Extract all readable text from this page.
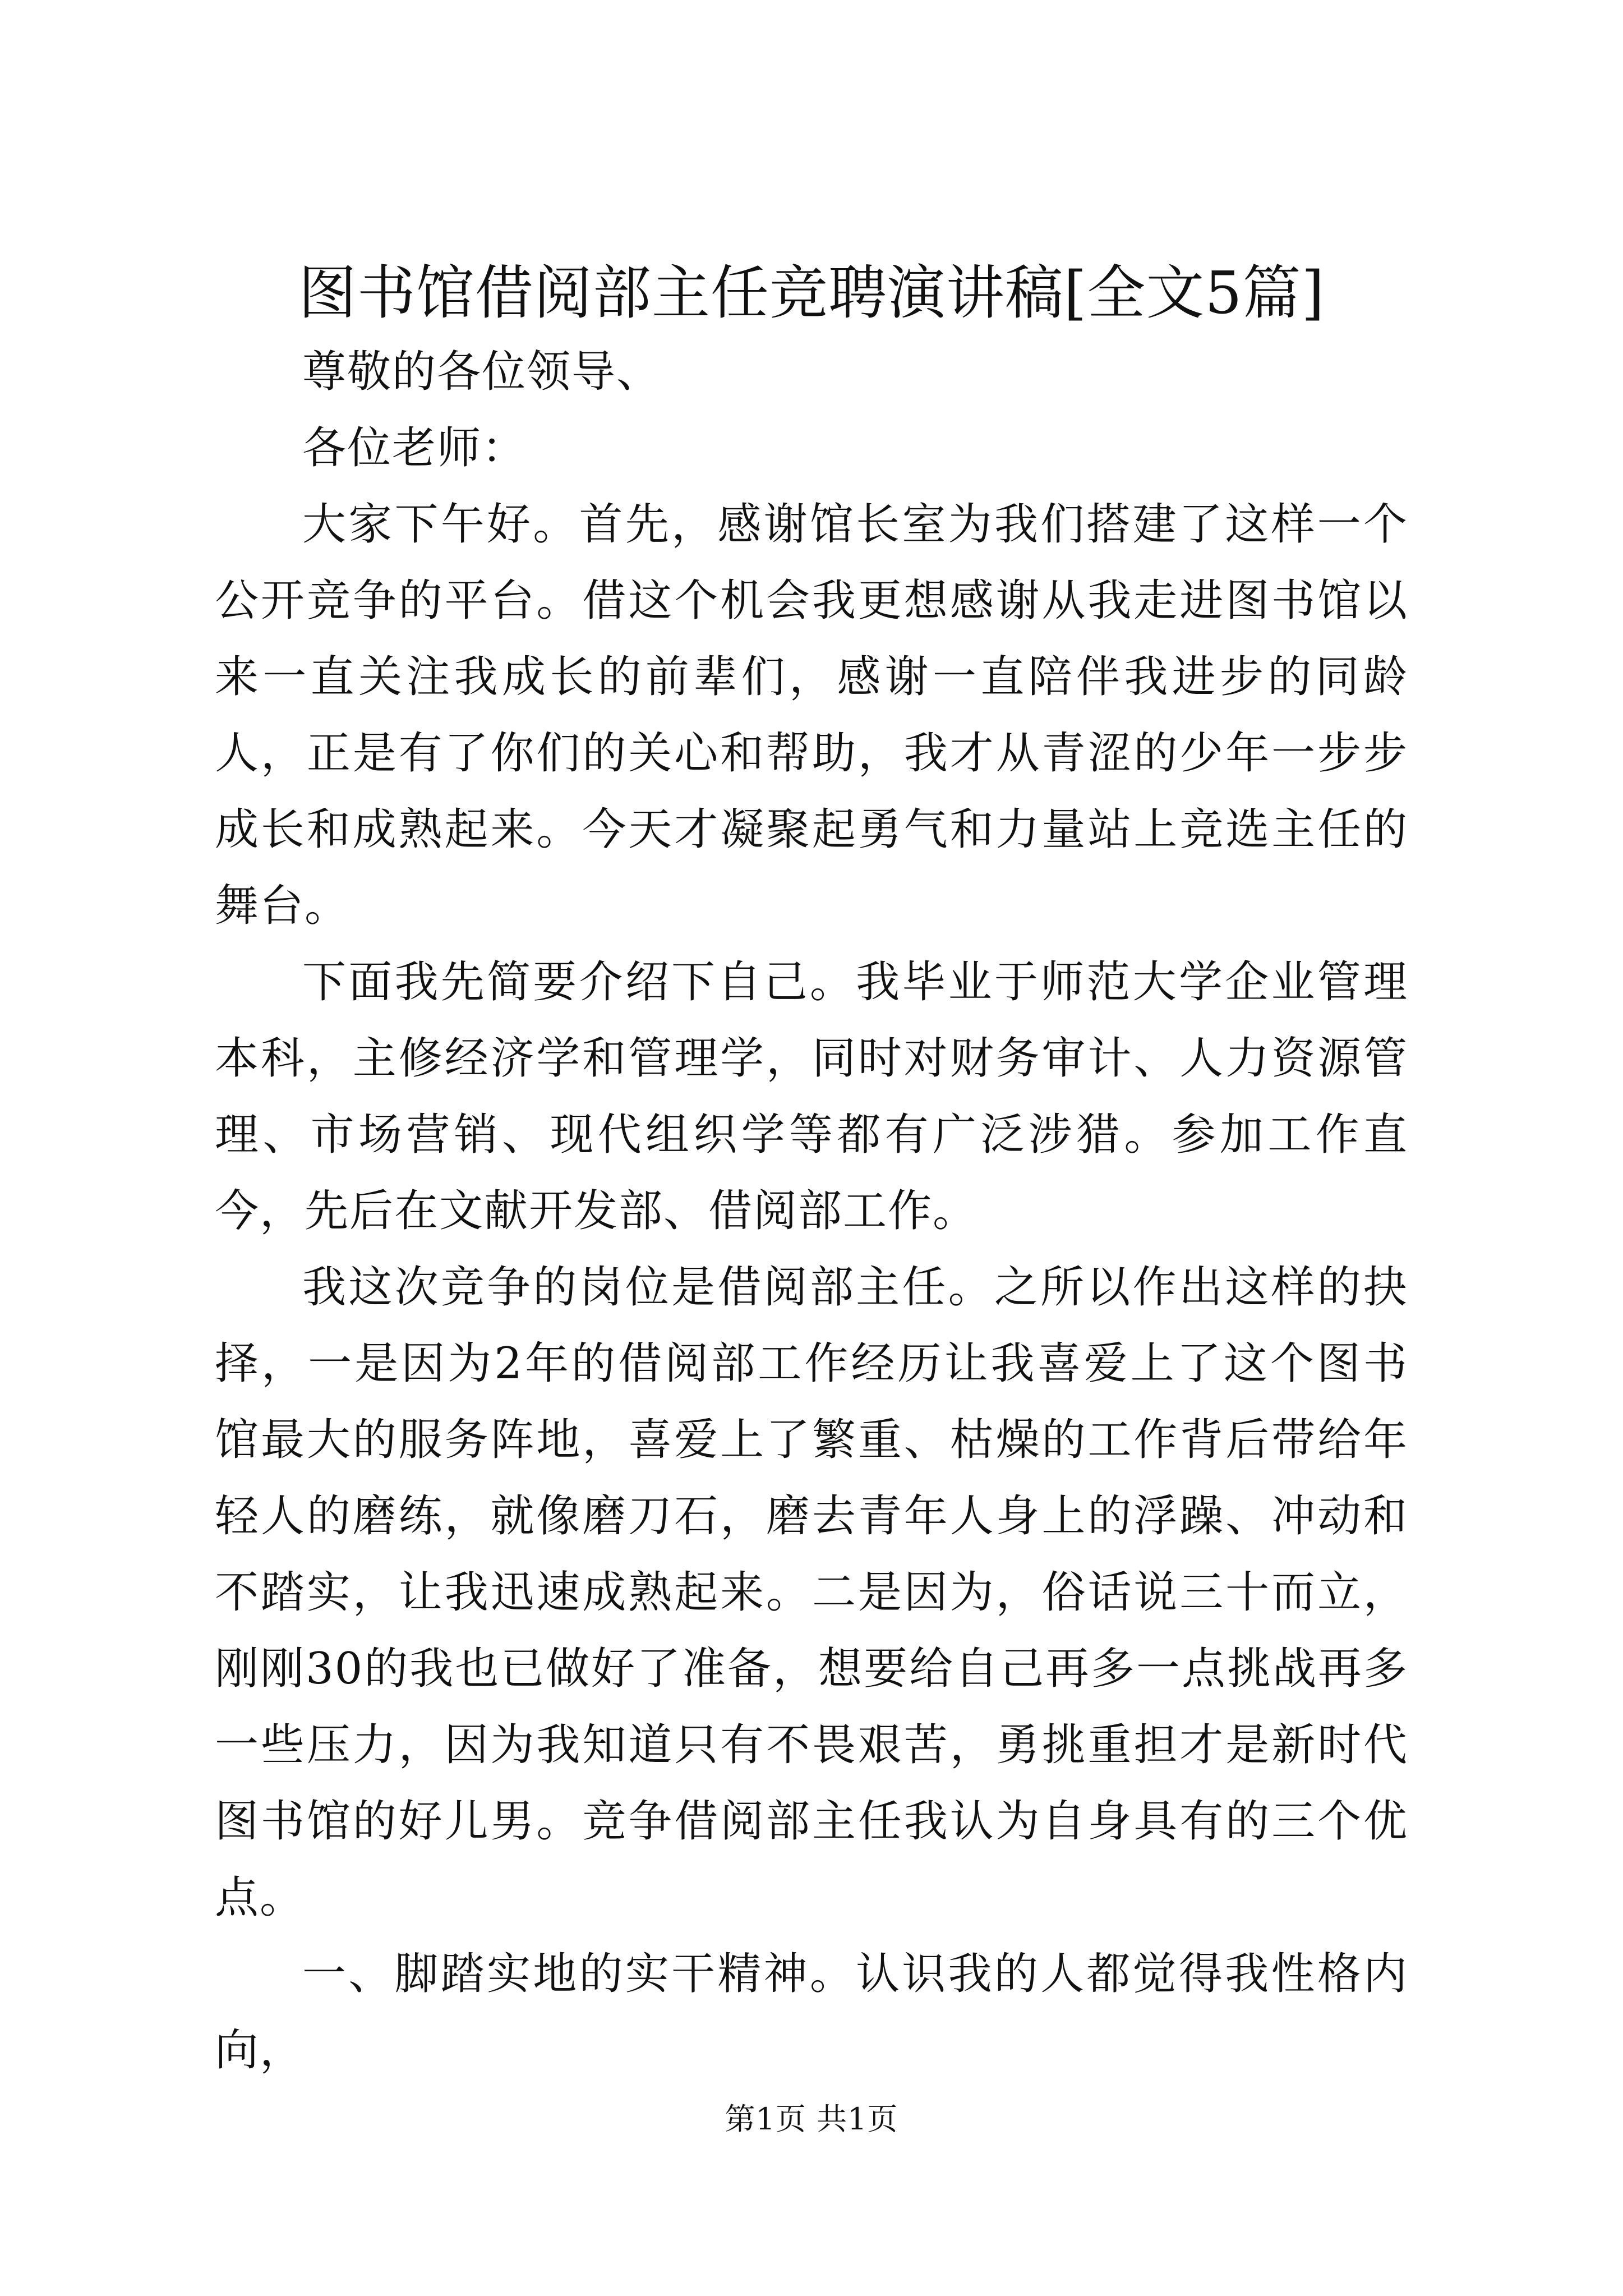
图书馆借阅部主任竞聘演讲稿[全文5篇]

尊敬的各位领导、

各位老师：

大家下午好。首先，感谢馆长室为我们搭建了这样一个公开竞争的平台。借这个机会我更想感谢从我走进图书馆以来一直关注我成长的前辈们，感谢一直陪伴我进步的同龄人，正是有了你们的关心和帮助，我才从青涩的少年一步步成长和成熟起来。今天才凝聚起勇气和力量站上竞选主任的舞台。

下面我先简要介绍下自己。我毕业于师范大学企业管理本科，主修经济学和管理学，同时对财务审计、人力资源管理、市场营销、现代组织学等都有广泛涉猎。参加工作直今，先后在文献开发部、借阅部工作。

我这次竞争的岗位是借阅部主任。之所以作出这样的抉择，一是因为2年的借阅部工作经历让我喜爱上了这个图书馆最大的服务阵地，喜爱上了繁重、枯燥的工作背后带给年轻人的磨练，就像磨刀石，磨去青年人身上的浮躁、冲动和不踏实，让我迅速成熟起来。二是因为，俗话说三十而立，刚刚30的我也已做好了准备，想要给自己再多一点挑战再多一些压力，因为我知道只有不畏艰苦，勇挑重担才是新时代图书馆的好儿男。竞争借阅部主任我认为自身具有的三个优点。

一、脚踏实地的实干精神。认识我的人都觉得我性格内向，

第1页 共1页
